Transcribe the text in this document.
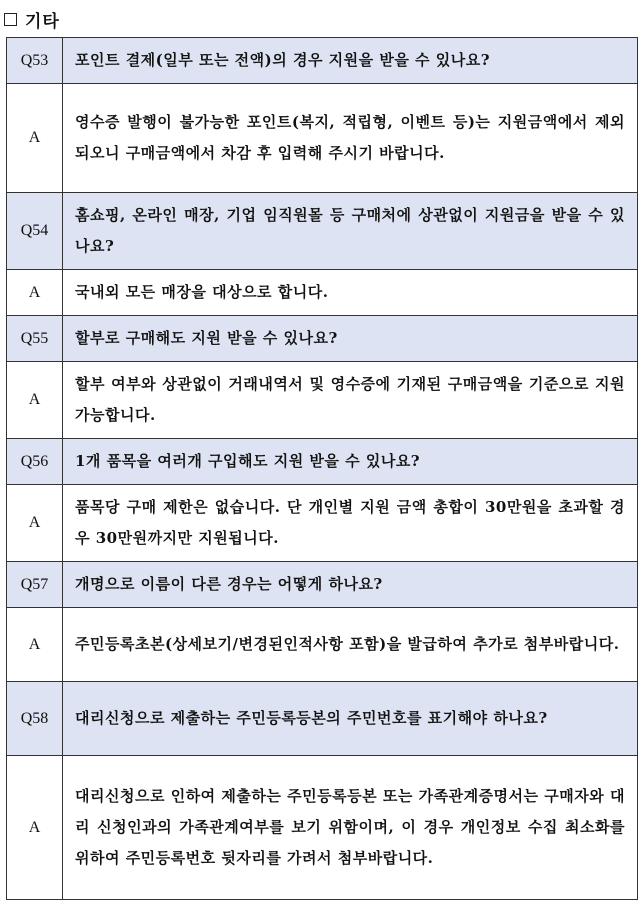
기타
Q53	포인트 결제(일부 또는 전액)의 경우 지원을 받을 수 있나요?
A	영수증 발행이 불가능한 포인트(복지, 적립형, 이벤트 등)는 지원금액에서 제외되오니 구매금액에서 차감 후 입력해 주시기 바랍니다.
Q54	홈쇼핑, 온라인 매장, 기업 임직원몰 등 구매처에 상관없이 지원금을 받을 수 있나요?
A	국내외 모든 매장을 대상으로 합니다.
Q55	할부로 구매해도 지원 받을 수 있나요?
A	할부 여부와 상관없이 거래내역서 및 영수증에 기재된 구매금액을 기준으로 지원 가능합니다.
Q56	1개 품목을 여러개 구입해도 지원 받을 수 있나요?
A	품목당 구매 제한은 없습니다. 단 개인별 지원 금액 총합이 30만원을 초과할 경우 30만원까지만 지원됩니다.
Q57	개명으로 이름이 다른 경우는 어떻게 하나요?
A	주민등록초본(상세보기/변경된인적사항 포함)을 발급하여 추가로 첨부바랍니다.
Q58	대리신청으로 제출하는 주민등록등본의 주민번호를 표기해야 하나요?
A	대리신청으로 인하여 제출하는 주민등록등본 또는 가족관계증명서는 구매자와 대리 신청인과의 가족관계여부를 보기 위함이며, 이 경우 개인정보 수집 최소화를 위하여 주민등록번호 뒷자리를 가려서 첨부바랍니다.
